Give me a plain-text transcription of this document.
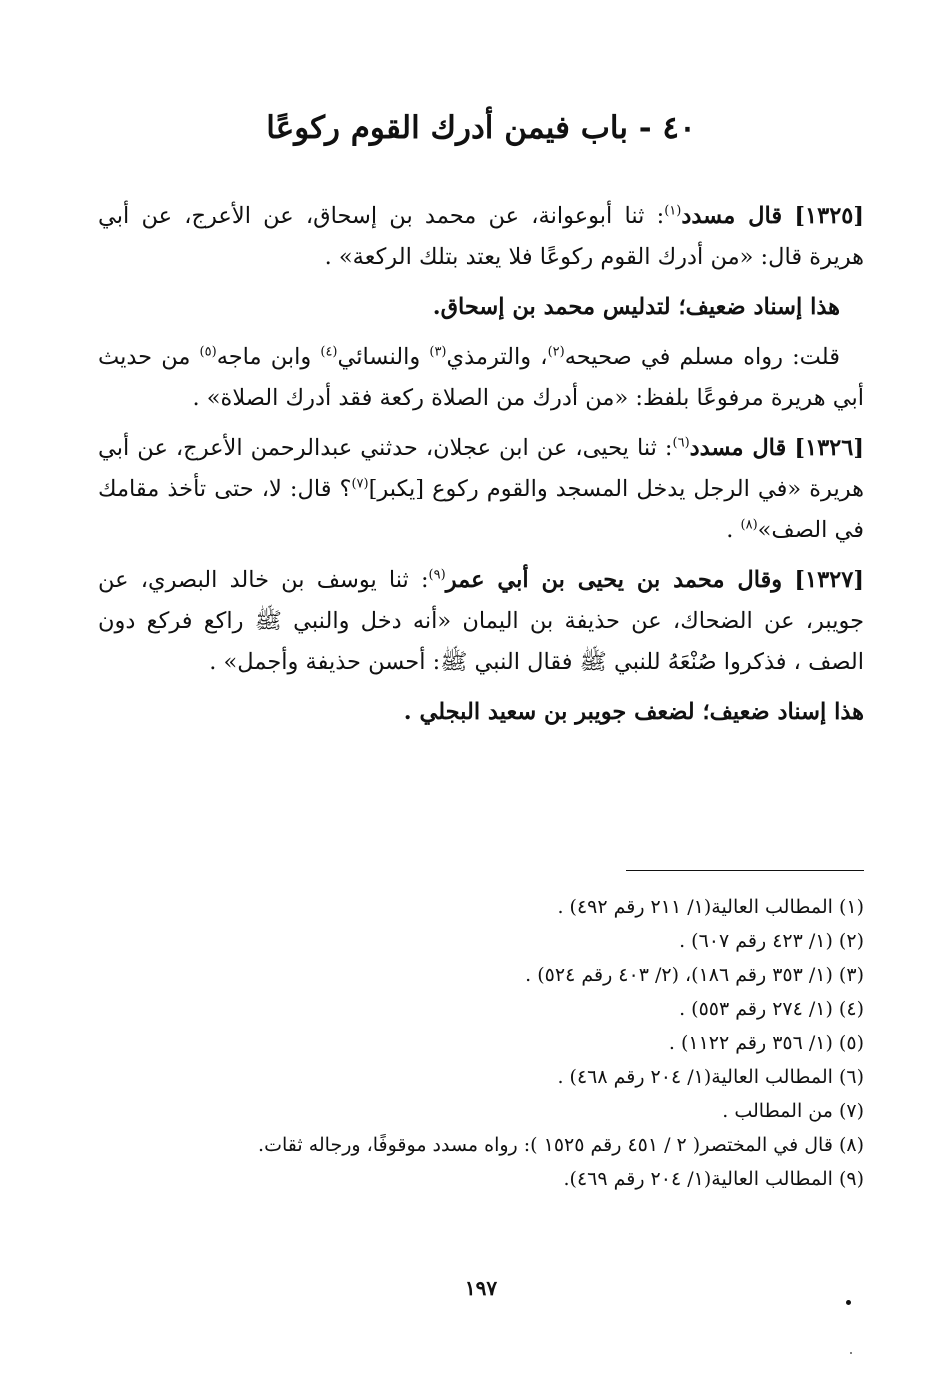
٤٠ - باب فيمن أدرك القوم ركوعًا

[١٣٢٥] قال مسدد$^{(١)}$: ثنا أبوعوانة، عن محمد بن إسحاق، عن الأعرج، عن أبي هريرة قال: «من أدرك القوم ركوعًا فلا يعتد بتلك الركعة» .

هذا إسناد ضعيف؛ لتدليس محمد بن إسحاق.

قلت: رواه مسلم في صحيحه$^{(٢)}$، والترمذي$^{(٣)}$ والنسائي$^{(٤)}$ وابن ماجه$^{(٥)}$ من حديث أبي هريرة مرفوعًا بلفظ: «من أدرك من الصلاة ركعة فقد أدرك الصلاة» .

[١٣٢٦] قال مسدد$^{(٦)}$: ثنا يحيى، عن ابن عجلان، حدثني عبدالرحمن الأعرج، عن أبي هريرة «في الرجل يدخل المسجد والقوم ركوع [يكبر]$^{(٧)}$؟ قال: لا، حتى تأخذ مقامك في الصف»$^{(٨)}$ .

[١٣٢٧] وقال محمد بن يحيى بن أبي عمر$^{(٩)}$: ثنا يوسف بن خالد البصري، عن جويبر، عن الضحاك، عن حذيفة بن اليمان «أنه دخل والنبي ﷺ راكع فركع دون الصف ، فذكروا صُنْعَهُ للنبي ﷺ فقال النبي ﷺ: أحسن حذيفة وأجمل» .

هذا إسناد ضعيف؛ لضعف جويبر بن سعيد البجلي .

(١) المطالب العالية(١/ ٢١١ رقم ٤٩٢) .
(٢) (١/ ٤٢٣ رقم ٦٠٧) .
(٣) (١/ ٣٥٣ رقم ١٨٦)، (٢/ ٤٠٣ رقم ٥٢٤) .
(٤) (١/ ٢٧٤ رقم ٥٥٣) .
(٥) (١/ ٣٥٦ رقم ١١٢٢) .
(٦) المطالب العالية(١/ ٢٠٤ رقم ٤٦٨) .
(٧) من المطالب .
(٨) قال في المختصر( ٢ / ٤٥١ رقم ١٥٢٥ ): رواه مسدد موقوفًا، ورجاله ثقات.
(٩) المطالب العالية(١/ ٢٠٤ رقم ٤٦٩).
١٩٧
